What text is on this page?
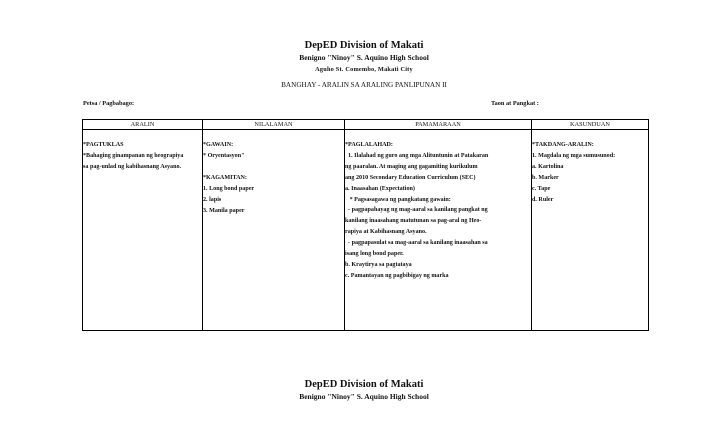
DepED Division of Makati
Benigno "Ninoy" S. Aquino High School
Aguho St. Comembo, Makati City
BANGHAY - ARALIN SA ARALING PANLIPUNAN II
Petsa / Pagbabago:	Taon at Pangkat :
ARALIN
*PAGTUKLAS
*Bahaging ginampanan ng heograpiya
sa pag-unlad ng kabihasnang Asyano.
NILALAMAN
*GAWAIN:
* Oryentasyon"
*KAGAMITAN:
1. Long bond paper
2. lapis
3. Manila paper
PAMAMARAAN
*PAGLALAHAD:
1. Ilalahad ng guro ang mga Alituntunin at Patakaran
ng paaralan. At maging ang gagamiting kurikulum
ang 2010 Secondary Education Curriculum (SEC)
a. Inaasahan (Expectation)
* Pagsasagawa ng pangkatang gawain:
- pagpapahayag ng mag-aaral sa kanilang pangkat ng
kanilang inaasahang matutunan sa pag-aral ng Heo-
rapiya at Kabihasnang Asyano.
- pagpapasulat sa mag-aaral sa kanilang inaasahan sa
isang long bond paper.
b. Kraytirya sa pagtataya
c. Pamantayan ng pagbibigay ng marka
KASUNDUAN
*TAKDANG-ARALIN:
1. Magdala ng mga sumusunod:
a. Kartolina
b. Marker
c. Tape
d. Ruler
DepED Division of Makati
Benigno "Ninoy" S. Aquino High School
